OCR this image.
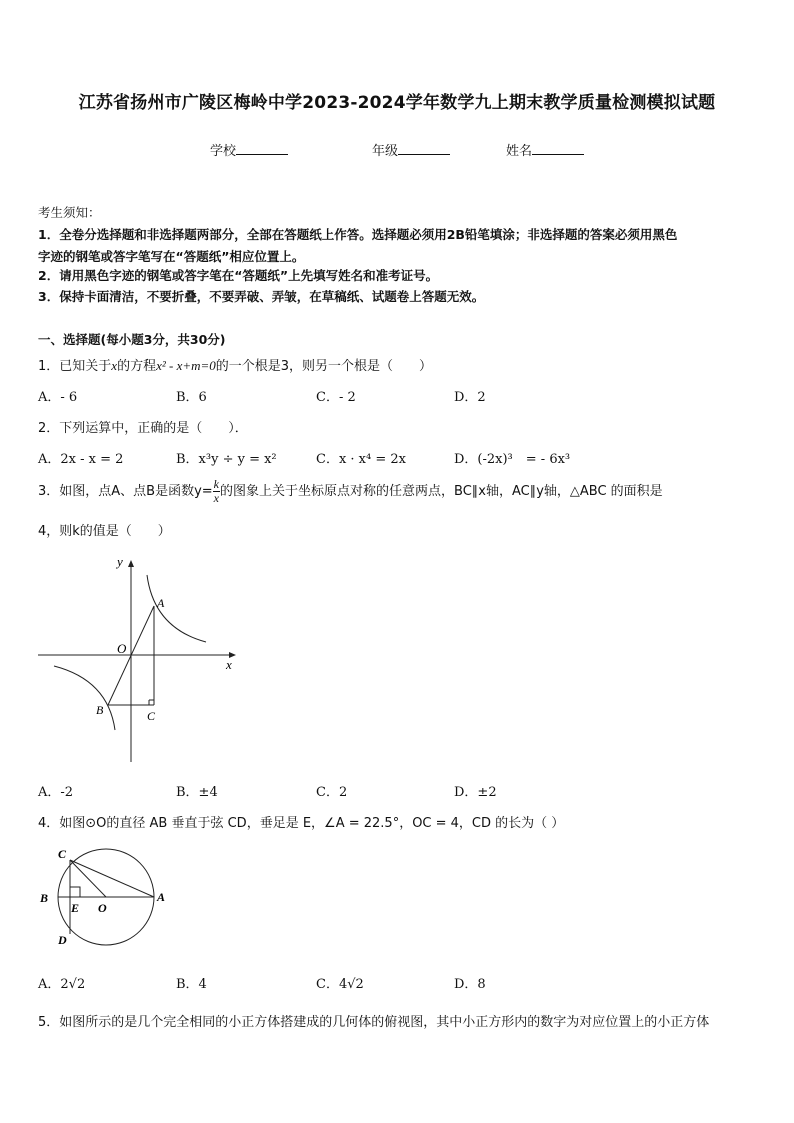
江苏省扬州市广陵区梅岭中学2023-2024学年数学九上期末教学质量检测模拟试题
学校	年级	姓名
考生须知：
1．全卷分选择题和非选择题两部分，全部在答题纸上作答。选择题必须用2B铅笔填涂；非选择题的答案必须用黑色
字迹的钢笔或答字笔写在“答题纸”相应位置上。
2．请用黑色字迹的钢笔或答字笔在“答题纸”上先填写姓名和准考证号。
3．保持卡面清洁，不要折叠，不要弄破、弄皱，在草稿纸、试题卷上答题无效。
一、选择题(每小题3分，共30分)
1．已知关于x的方程x² - x+m=0的一个根是3，则另一个根是（　　）
A．- 6	B．6	C．- 2	D．2
2．下列运算中，正确的是（　　）．
A．2x - x = 2	B．x³y ÷ y = x²	C．x · x⁴ = 2x	D．(-2x)³　= - 6x³
3．如图，点A、点B是函数$y= \frac{k}{x}$ 的图象上关于坐标原点对称的任意两点，BC∥x轴，AC∥y轴，△ABC 的面积是
4，则k的值是（　　）
y
x
O
A
B	C
A．-2	B．±4	C．2	D．±2
4．如图⊙O的直径 AB 垂直于弦 CD，垂足是 E，∠A = 22.5°，OC = 4，CD 的长为（ ）
C
B
E O
A
D
A．2√2	B．4	C．4√2	D．8
5．如图所示的是几个完全相同的小正方体搭建成的几何体的俯视图，其中小正方形内的数字为对应位置上的小正方体
